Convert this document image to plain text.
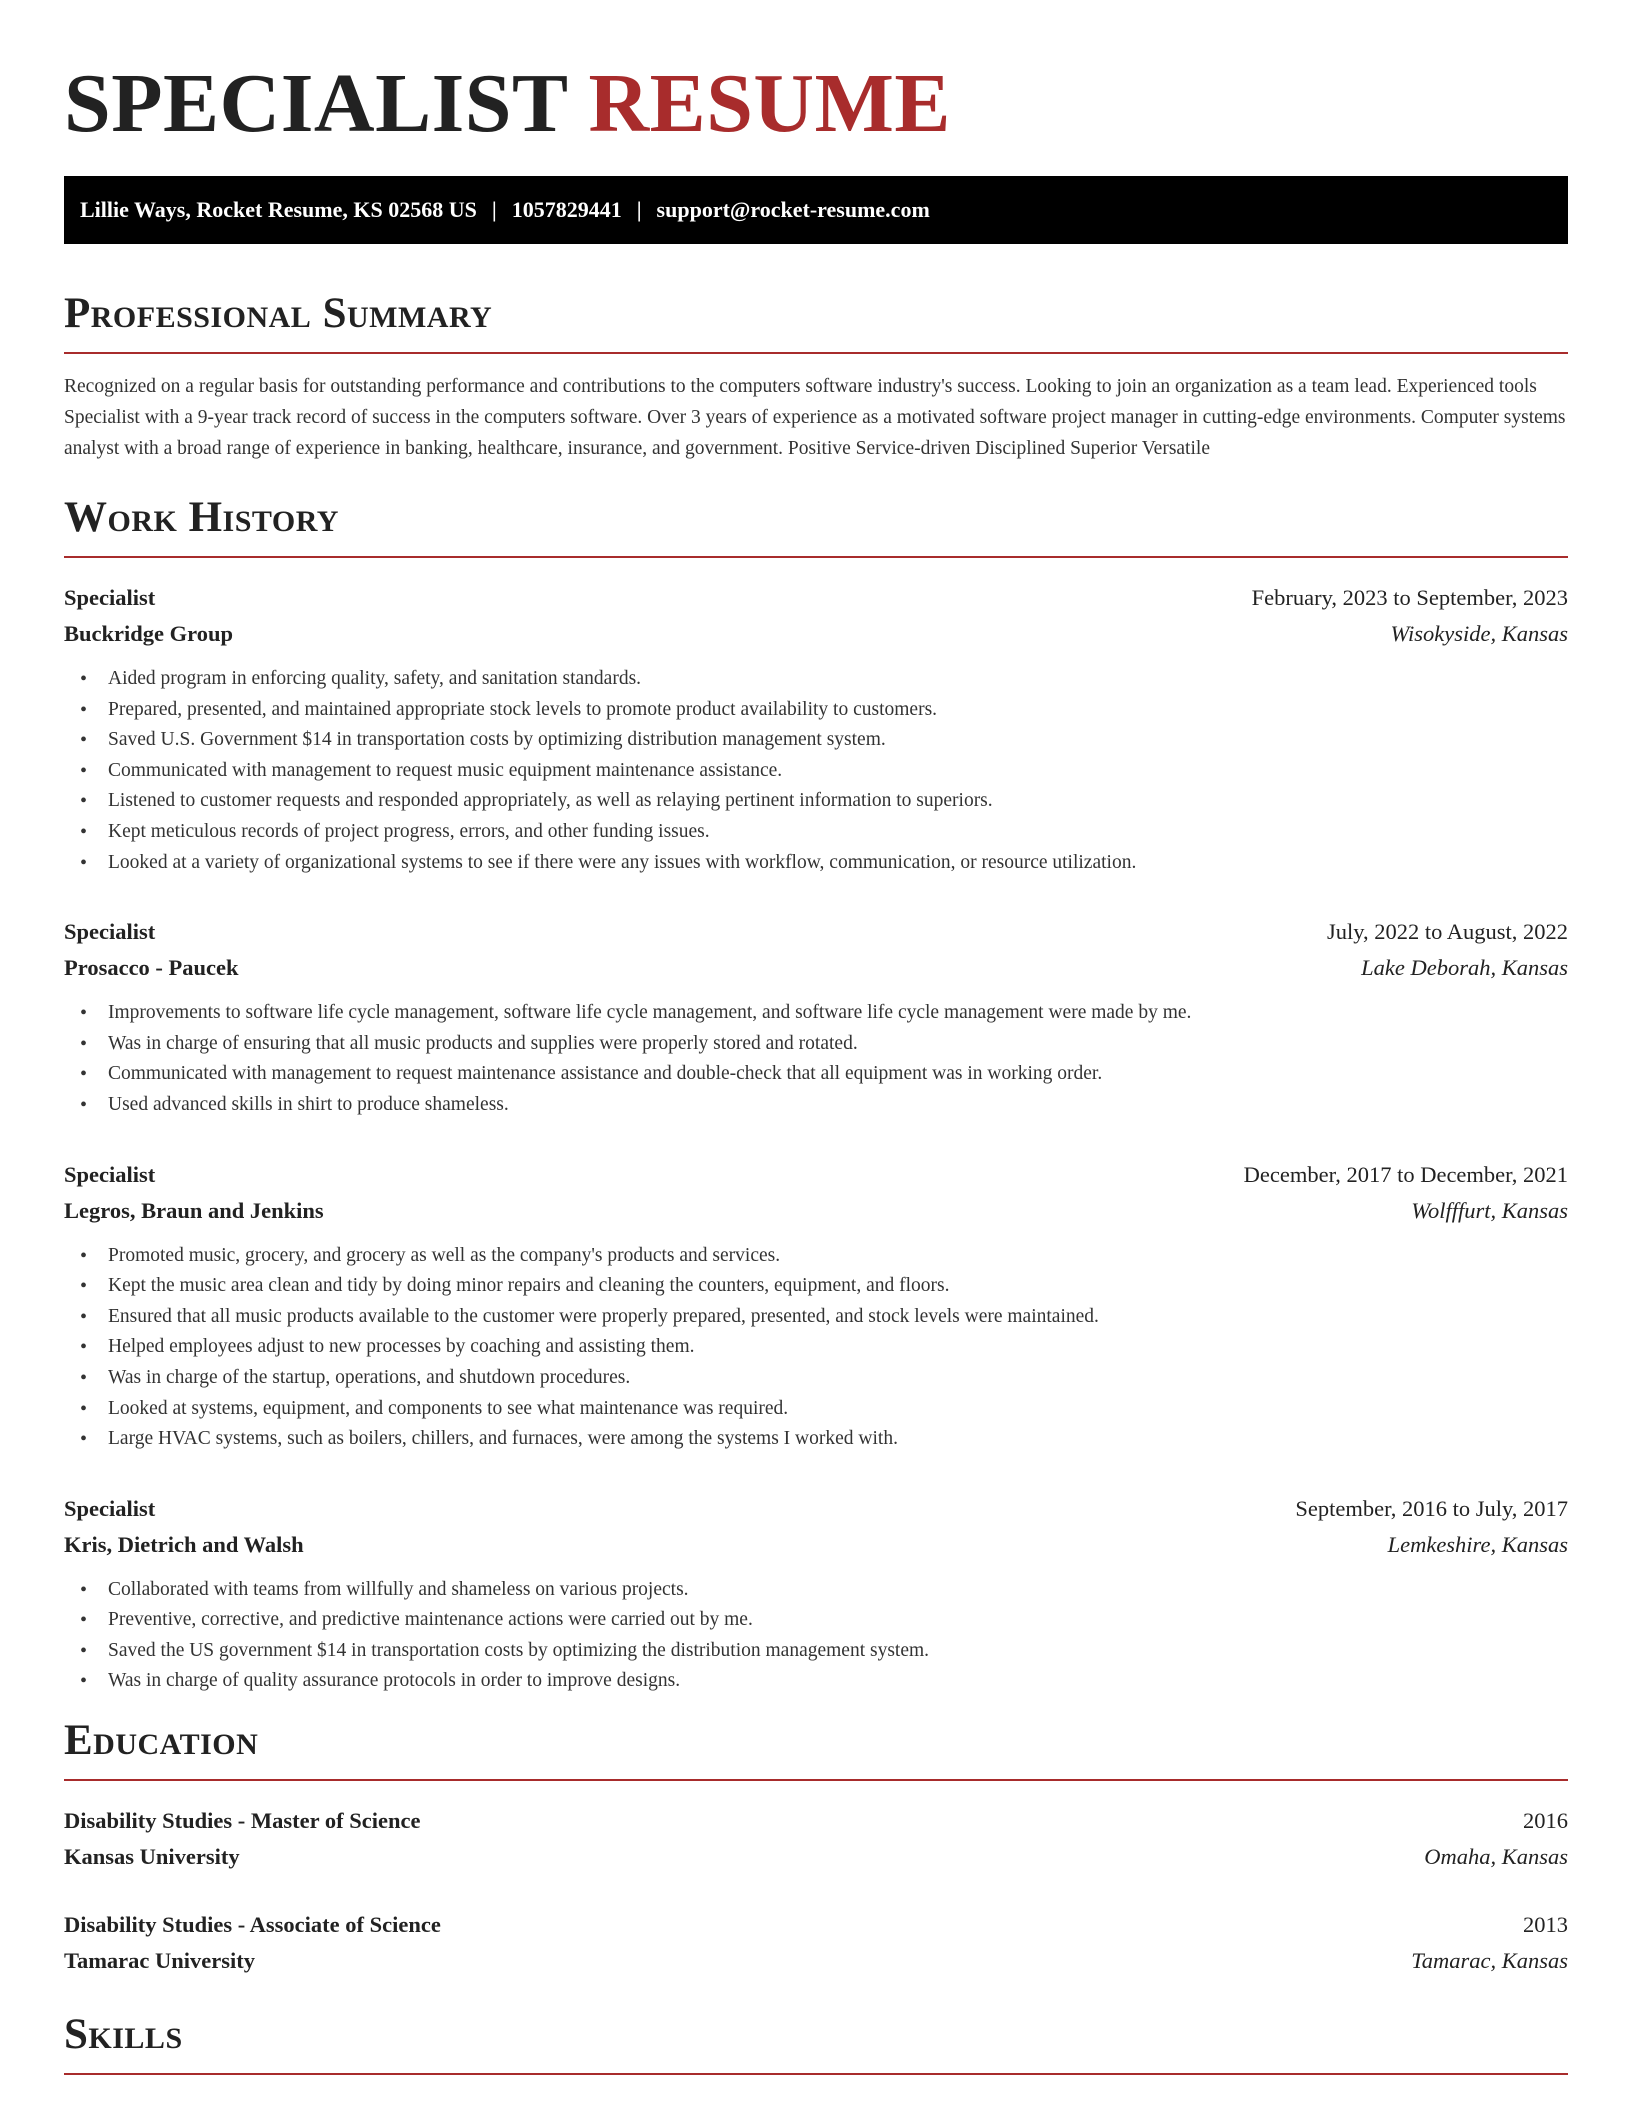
SPECIALIST RESUME
Lillie Ways, Rocket Resume, KS 02568 US | 1057829441 | support@rocket-resume.com
Professional Summary

Recognized on a regular basis for outstanding performance and contributions to the computers software industry's success. Looking to join an organization as a team lead. Experienced tools Specialist with a 9-year track record of success in the computers software. Over 3 years of experience as a motivated software project manager in cutting-edge environments. Computer systems analyst with a broad range of experience in banking, healthcare, insurance, and government. Positive Service-driven Disciplined Superior Versatile

Work History
Specialist	February, 2023 to September, 2023
Buckridge Group	Wisokyside, Kansas
• Aided program in enforcing quality, safety, and sanitation standards.
• Prepared, presented, and maintained appropriate stock levels to promote product availability to customers.
• Saved U.S. Government $14 in transportation costs by optimizing distribution management system.
• Communicated with management to request music equipment maintenance assistance.
• Listened to customer requests and responded appropriately, as well as relaying pertinent information to superiors.
• Kept meticulous records of project progress, errors, and other funding issues.
• Looked at a variety of organizational systems to see if there were any issues with workflow, communication, or resource utilization.
Specialist	July, 2022 to August, 2022
Prosacco - Paucek	Lake Deborah, Kansas
• Improvements to software life cycle management, software life cycle management, and software life cycle management were made by me.
• Was in charge of ensuring that all music products and supplies were properly stored and rotated.
• Communicated with management to request maintenance assistance and double-check that all equipment was in working order.
• Used advanced skills in shirt to produce shameless.
Specialist	December, 2017 to December, 2021
Legros, Braun and Jenkins	Wolfffurt, Kansas
• Promoted music, grocery, and grocery as well as the company's products and services.
• Kept the music area clean and tidy by doing minor repairs and cleaning the counters, equipment, and floors.
• Ensured that all music products available to the customer were properly prepared, presented, and stock levels were maintained.
• Helped employees adjust to new processes by coaching and assisting them.
• Was in charge of the startup, operations, and shutdown procedures.
• Looked at systems, equipment, and components to see what maintenance was required.
• Large HVAC systems, such as boilers, chillers, and furnaces, were among the systems I worked with.
Specialist	September, 2016 to July, 2017
Kris, Dietrich and Walsh	Lemkeshire, Kansas
• Collaborated with teams from willfully and shameless on various projects.
• Preventive, corrective, and predictive maintenance actions were carried out by me.
• Saved the US government $14 in transportation costs by optimizing the distribution management system.
• Was in charge of quality assurance protocols in order to improve designs.
Education
Disability Studies - Master of Science	2016
Kansas University	Omaha, Kansas
Disability Studies - Associate of Science	2013
Tamarac University	Tamarac, Kansas
Skills
